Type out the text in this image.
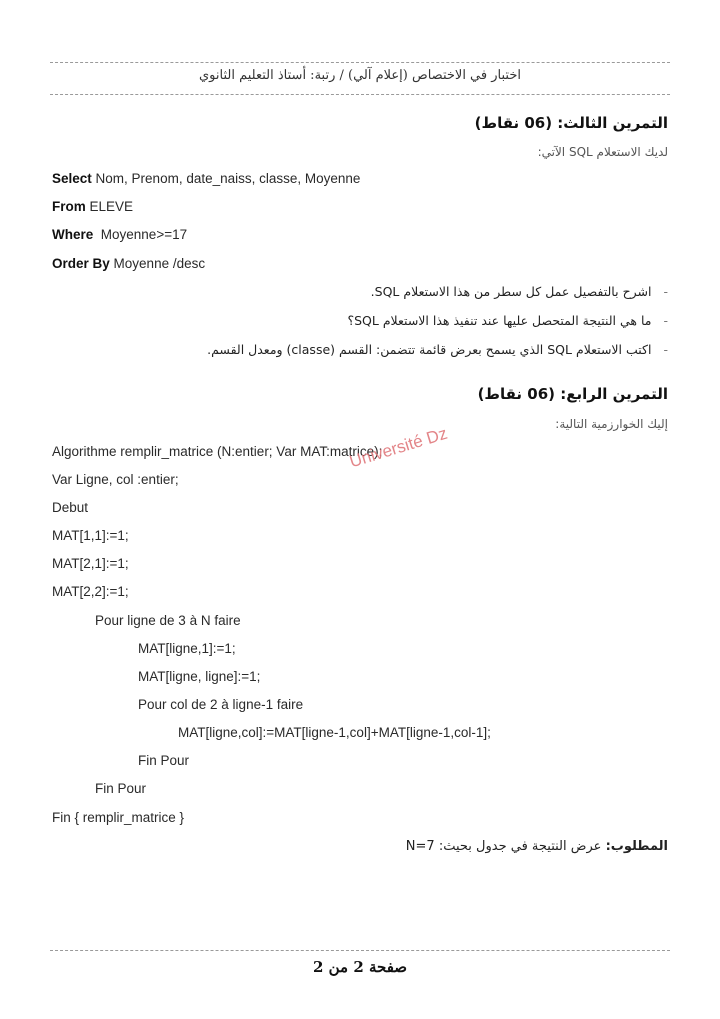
اختبار في الاختصاص (إعلام آلي) / رتبة: أستاذ التعليم الثانوي
التمرين الثالث: (06 نقاط)
لديك الاستعلام SQL الآتي:
Select Nom, Prenom, date_naiss, classe, Moyenne
From ELEVE
Where Moyenne>=17
Order By Moyenne /desc
-اشرح بالتفصيل عمل كل سطر من هذا الاستعلام SQL.
-ما هي النتيجة المتحصل عليها عند تنفيذ هذا الاستعلام SQL؟
-اكتب الاستعلام SQL الذي يسمح بعرض قائمة تتضمن: القسم (classe) ومعدل القسم.
التمرين الرابع: (06 نقاط)
إليك الخوارزمية التالية:
Algorithme remplir_matrice (N:entier; Var MAT:matrice);
Var Ligne, col :entier;
Debut
MAT[1,1]:=1;
MAT[2,1]:=1;
MAT[2,2]:=1;
Pour ligne de 3 à N faire
MAT[ligne,1]:=1;
MAT[ligne, ligne]:=1;
Pour col de 2 à ligne-1 faire
MAT[ligne,col]:=MAT[ligne-1,col]+MAT[ligne-1,col-1];
Fin Pour
Fin Pour
Fin { remplir_matrice }
المطلوب: عرض النتيجة في جدول بحيث: N=7
Université Dz
صفحة 2 من 2
